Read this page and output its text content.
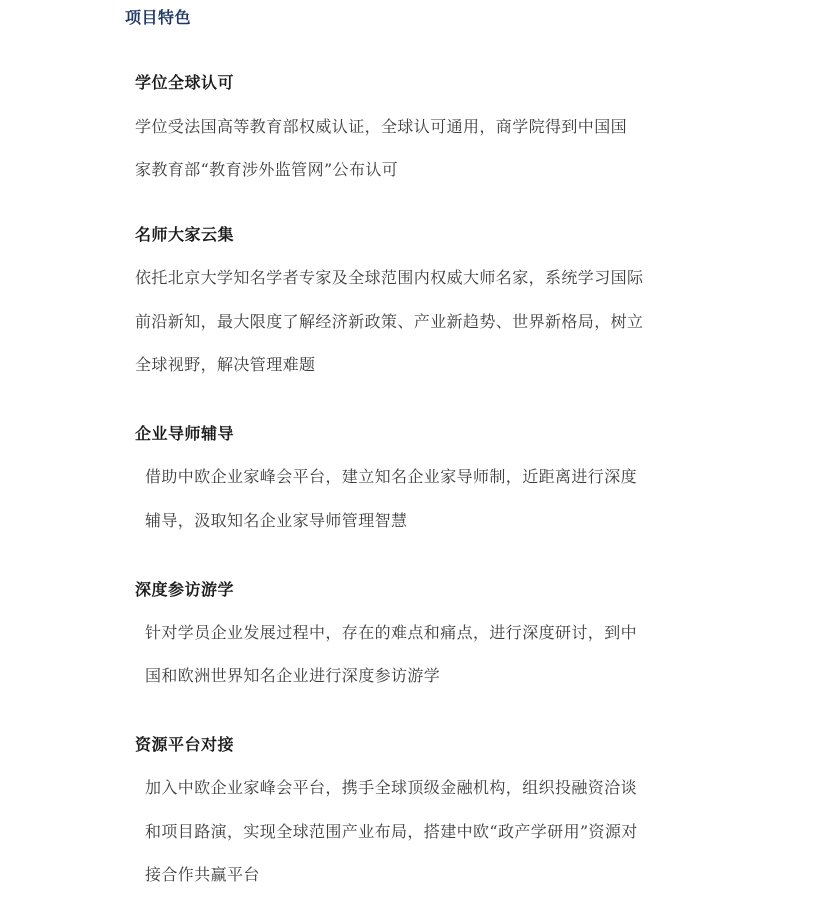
项目特色
学位全球认可
学位受法国高等教育部权威认证，全球认可通用，商学院得到中国国
家教育部“教育涉外监管网”公布认可
名师大家云集
依托北京大学知名学者专家及全球范围内权威大师名家，系统学习国际
前沿新知，最大限度了解经济新政策、产业新趋势、世界新格局，树立
全球视野，解决管理难题
企业导师辅导
借助中欧企业家峰会平台，建立知名企业家导师制，近距离进行深度
辅导，汲取知名企业家导师管理智慧
深度参访游学
针对学员企业发展过程中，存在的难点和痛点，进行深度研讨，到中
国和欧洲世界知名企业进行深度参访游学
资源平台对接
加入中欧企业家峰会平台，携手全球顶级金融机构，组织投融资洽谈
和项目路演，实现全球范围产业布局，搭建中欧“政产学研用”资源对
接合作共赢平台
